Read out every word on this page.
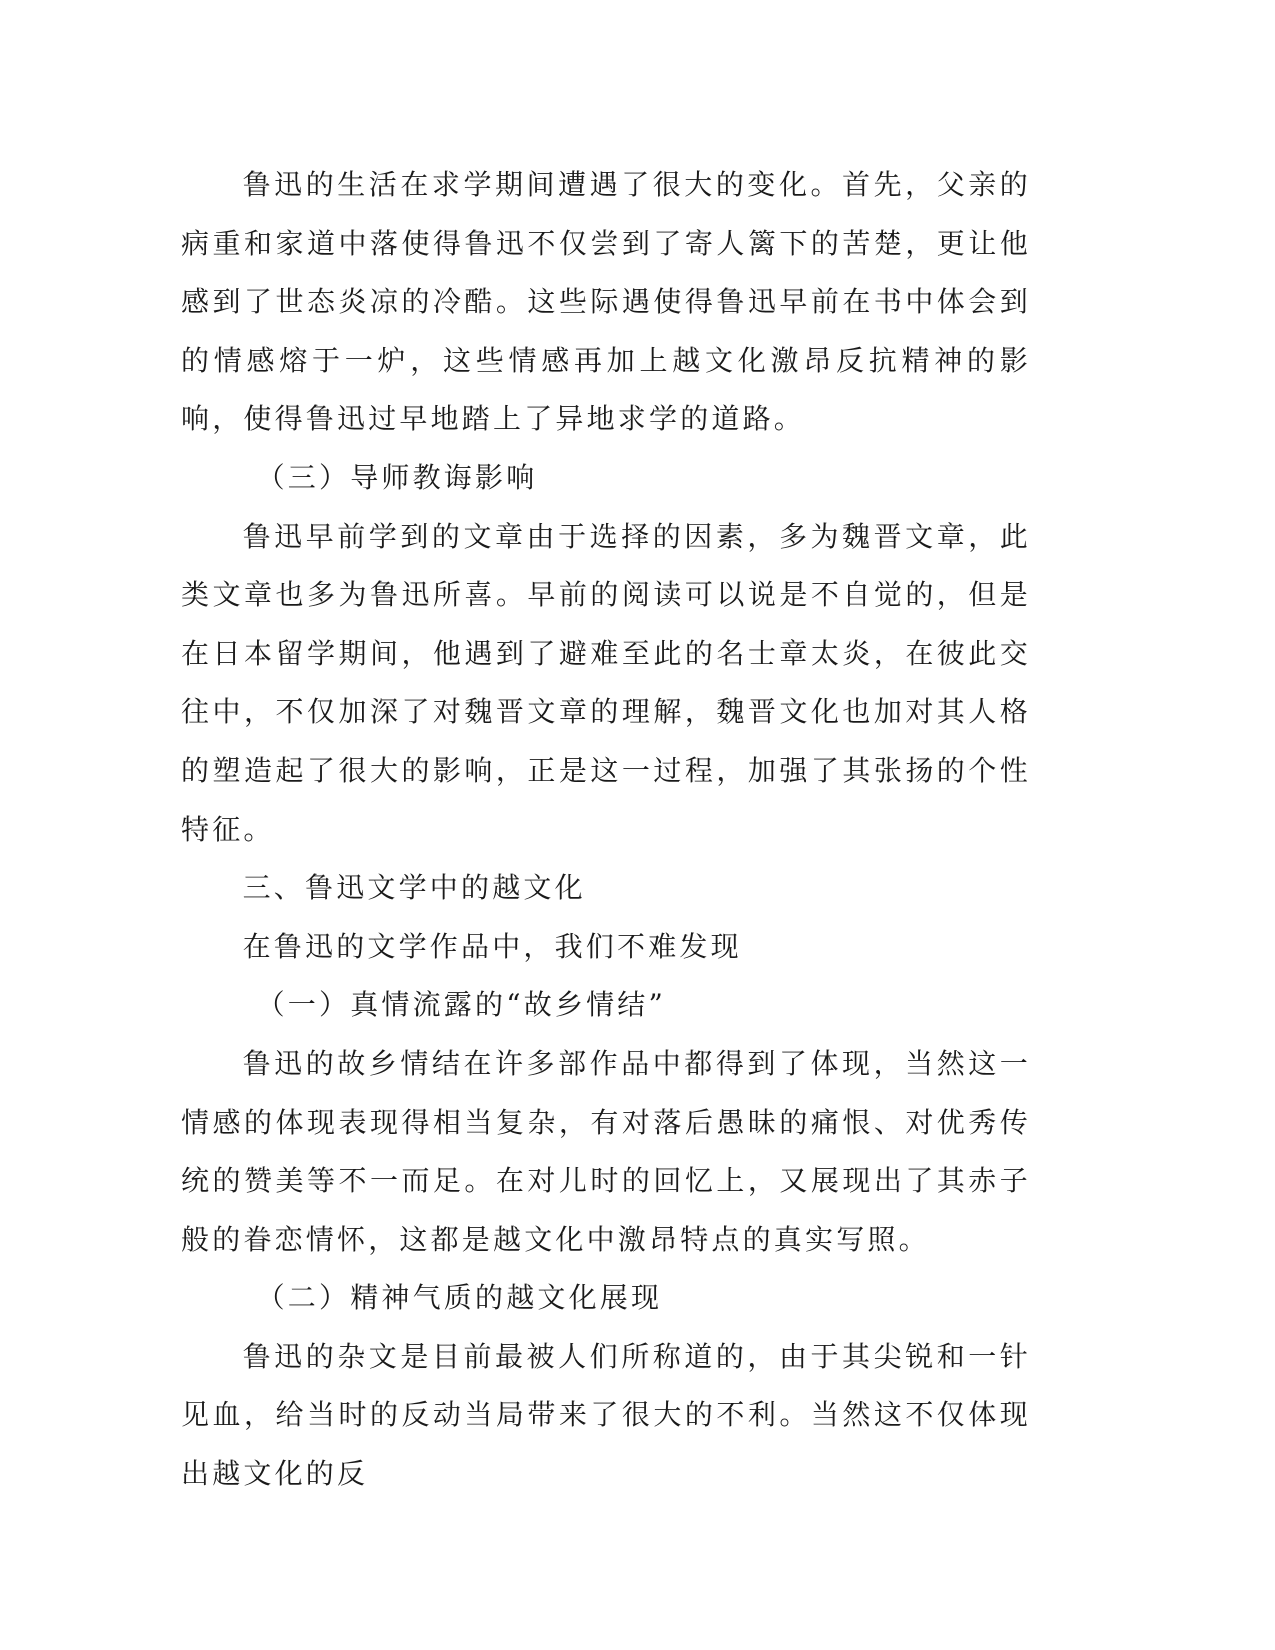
鲁迅的生活在求学期间遭遇了很大的变化。首先，父亲的病重和家道中落使得鲁迅不仅尝到了寄人篱下的苦楚，更让他感到了世态炎凉的冷酷。这些际遇使得鲁迅早前在书中体会到的情感熔于一炉，这些情感再加上越文化激昂反抗精神的影响，使得鲁迅过早地踏上了异地求学的道路。

（三）导师教诲影响

鲁迅早前学到的文章由于选择的因素，多为魏晋文章，此类文章也多为鲁迅所喜。早前的阅读可以说是不自觉的，但是在日本留学期间，他遇到了避难至此的名士章太炎，在彼此交往中，不仅加深了对魏晋文章的理解，魏晋文化也加对其人格的塑造起了很大的影响，正是这一过程，加强了其张扬的个性特征。

三、鲁迅文学中的越文化

在鲁迅的文学作品中，我们不难发现

（一）真情流露的“故乡情结”

鲁迅的故乡情结在许多部作品中都得到了体现，当然这一情感的体现表现得相当复杂，有对落后愚昧的痛恨、对优秀传统的赞美等不一而足。在对儿时的回忆上，又展现出了其赤子般的眷恋情怀，这都是越文化中激昂特点的真实写照。

（二）精神气质的越文化展现

鲁迅的杂文是目前最被人们所称道的，由于其尖锐和一针见血，给当时的反动当局带来了很大的不利。当然这不仅体现出越文化的反
